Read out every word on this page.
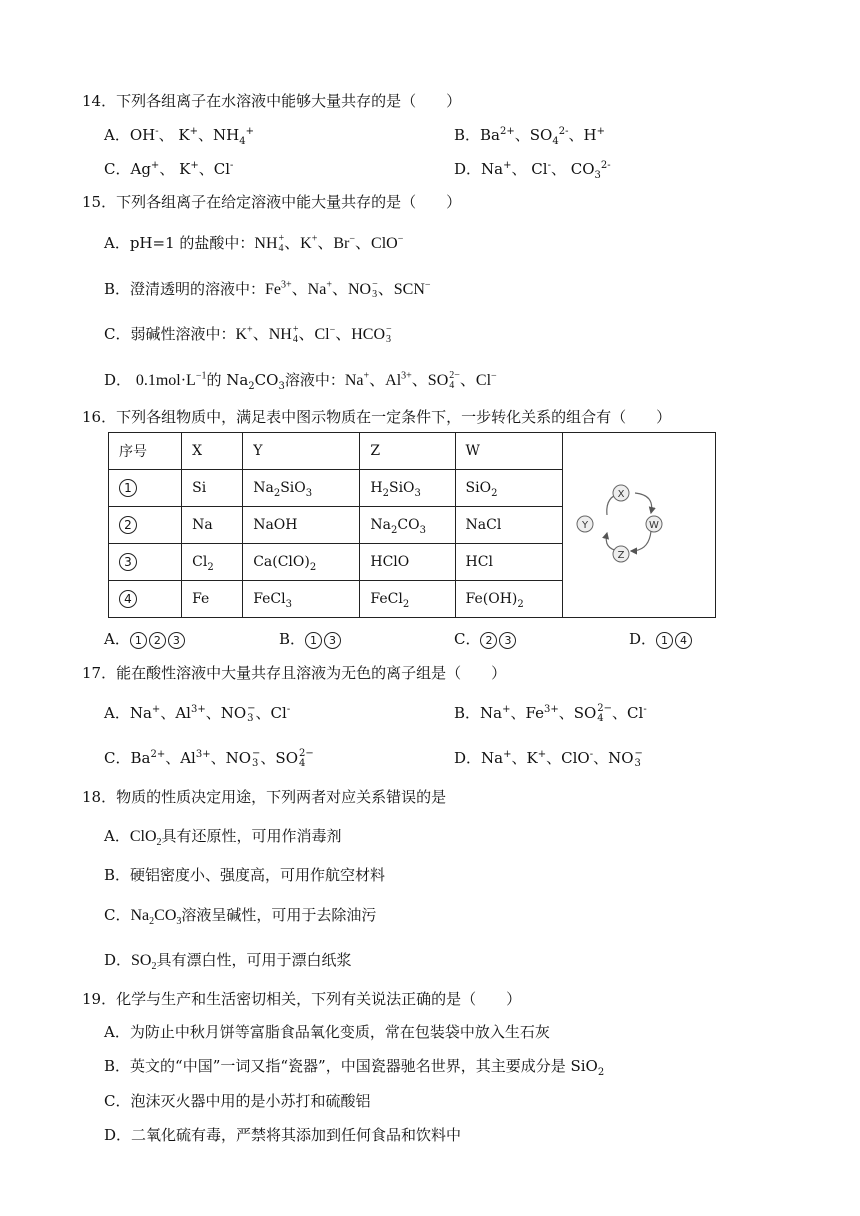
14．下列各组离子在水溶液中能够大量共存的是（　　）
A．OH-、 K+、$NH_4^+$	B．$Ba^{2+}$、$SO_4^{2-}$、H+
C．Ag+、 K+、Cl-	D．Na+、 Cl-、 $CO_3^{2-}$
15．下列各组离子在给定溶液中能大量共存的是（　　）
A．pH=1 的盐酸中：NH +
4 、K+、Br−、ClO−
B．澄清透明的溶液中：$Fe^{3+}$、Na+、NO −
3 、SCN−
C．弱碱性溶液中：K+、NH +
4 、Cl−、HCO −
3
D． $0.1mol\cdot L^{-1}$的 $Na_2CO_3$溶液中：Na+、$Al^{3+}$、SO 2−
4 、Cl−
16．下列各组物质中，满足表中图示物质在一定条件下，一步转化关系的组合有（　　）
序号	X	Y	Z	W	X
Y W
Z

1	Si	$Na_2SiO_3$	$H_2SiO_3$	SiO$_2$
2	Na	NaOH	$Na_2CO_3$	NaCl	
3	$Cl_2$	$Ca(ClO)_2$	HClO	HCl	
4	Fe	FeCl$_3$	FeCl$_2$	$Fe(OH)_2$
A． 1 2 3	B． 1 3	C． 2 3	D． 1 4
17．能在酸性溶液中大量共存且溶液为无色的离子组是（　　）
A．Na+、$Al^{3+}$、NO −
3 、Cl-	B．Na+、$Fe^{3+}$、SO 2−
4 、Cl-
C．$Ba^{2+}$、$Al^{3+}$、NO −
3 、SO 2−
4	D．Na+、K+、ClO-、NO −
3
18．物质的性质决定用途，下列两者对应关系错误的是
A．ClO$_2$具有还原性，可用作消毒剂
B．硬铝密度小、强度高，可用作航空材料
C．$Na_2CO_3$溶液呈碱性，可用于去除油污
D．$SO_2$具有漂白性，可用于漂白纸浆
19．化学与生产和生活密切相关，下列有关说法正确的是（　　）
A．为防止中秋月饼等富脂食品氧化变质，常在包装袋中放入生石灰
B．英文的“中国”一词又指“瓷器”，中国瓷器驰名世界，其主要成分是 SiO$_2$
C．泡沫灭火器中用的是小苏打和硫酸铝
D．二氧化硫有毒，严禁将其添加到任何食品和饮料中
